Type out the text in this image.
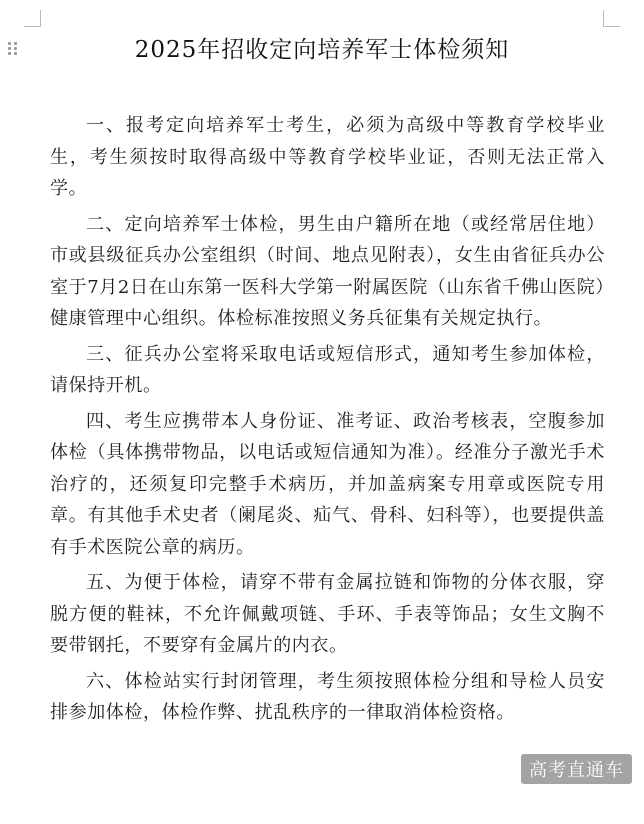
2025年招收定向培养军士体检须知

一、报考定向培养军士考生，必须为高级中等教育学校毕业生，考生须按时取得高级中等教育学校毕业证，否则无法正常入学。

二、定向培养军士体检，男生由户籍所在地（或经常居住地）市或县级征兵办公室组织（时间、地点见附表），女生由省征兵办公室于7月2日在山东第一医科大学第一附属医院（山东省千佛山医院）健康管理中心组织。体检标准按照义务兵征集有关规定执行。

三、征兵办公室将采取电话或短信形式，通知考生参加体检，请保持开机。

四、考生应携带本人身份证、准考证、政治考核表，空腹参加体检（具体携带物品，以电话或短信通知为准）。经准分子激光手术治疗的，还须复印完整手术病历，并加盖病案专用章或医院专用章。有其他手术史者（阑尾炎、疝气、骨科、妇科等），也要提供盖有手术医院公章的病历。

五、为便于体检，请穿不带有金属拉链和饰物的分体衣服，穿脱方便的鞋袜，不允许佩戴项链、手环、手表等饰品；女生文胸不要带钢托，不要穿有金属片的内衣。

六、体检站实行封闭管理，考生须按照体检分组和导检人员安排参加体检，体检作弊、扰乱秩序的一律取消体检资格。

高考直通车
